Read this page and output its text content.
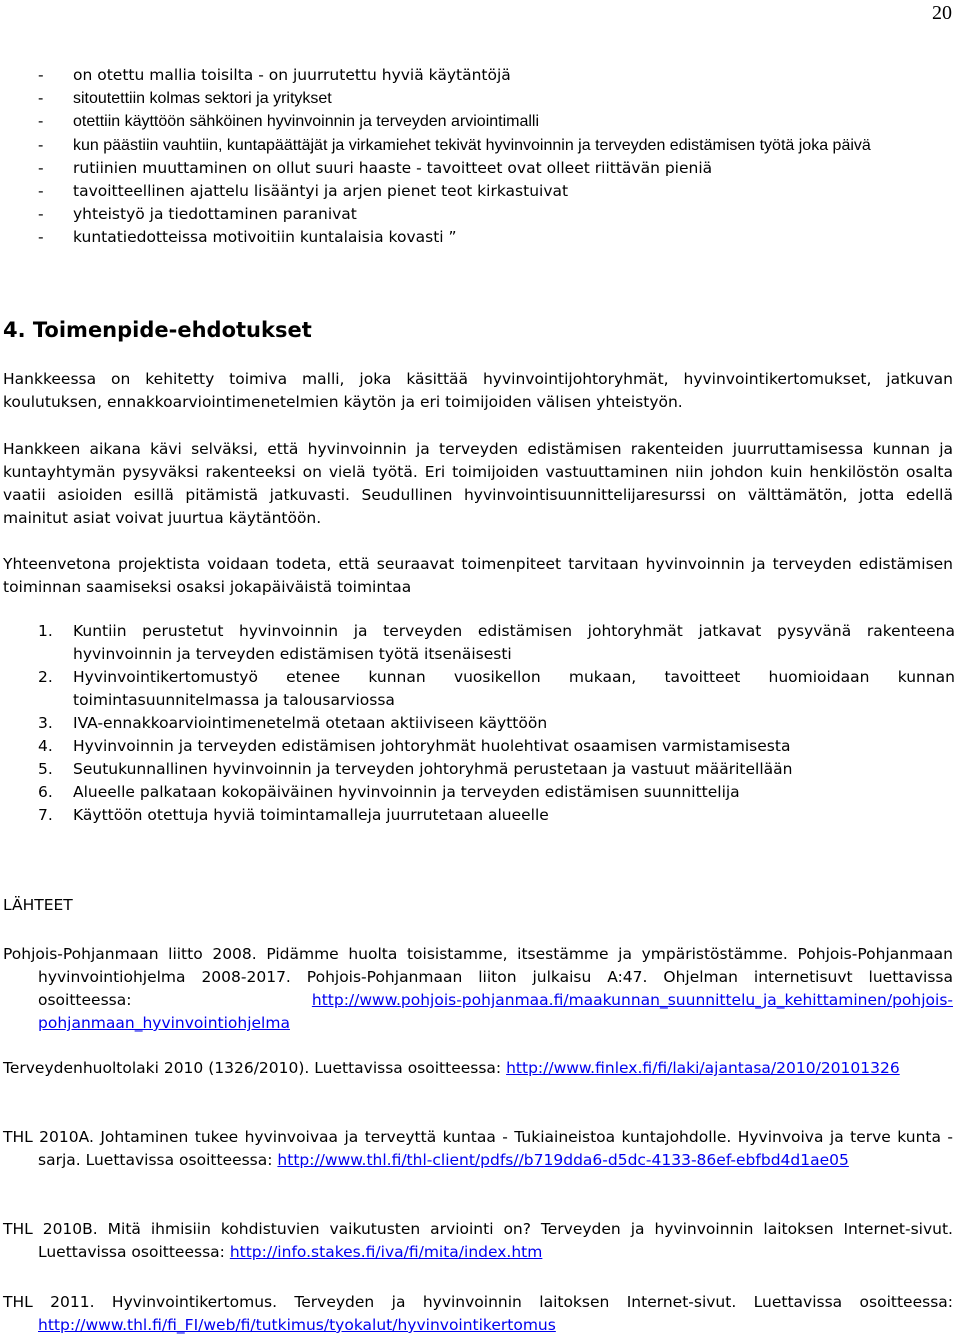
20
- on otettu mallia toisilta - on juurrutettu hyviä käytäntöjä
- sitoutettiin kolmas sektori ja yritykset
- otettiin käyttöön sähköinen hyvinvoinnin ja terveyden arviointimalli
- kun päästiin vauhtiin, kuntapäättäjät ja virkamiehet tekivät hyvinvoinnin ja terveyden edistämisen työtä joka päivä
- rutiinien muuttaminen on ollut suuri haaste - tavoitteet ovat olleet riittävän pieniä
- tavoitteellinen ajattelu lisääntyi ja arjen pienet teot kirkastuivat
- yhteistyö ja tiedottaminen paranivat
- kuntatiedotteissa motivoitiin kuntalaisia kovasti ”
4. Toimenpide-ehdotukset

Hankkeessa on kehitetty toimiva malli, joka käsittää hyvinvointijohtoryhmät, hyvinvointikertomukset, jatkuvan koulutuksen, ennakkoarviointimenetelmien käytön ja eri toimijoiden välisen yhteistyön.

Hankkeen aikana kävi selväksi, että hyvinvoinnin ja terveyden edistämisen rakenteiden juurruttamisessa kunnan ja kuntayhtymän pysyväksi rakenteeksi on vielä työtä. Eri toimijoiden vastuuttaminen niin johdon kuin henkilöstön osalta vaatii asioiden esillä pitämistä jatkuvasti. Seudullinen hyvinvointisuunnittelijaresurssi on välttämätön, jotta edellä mainitut asiat voivat juurtua käytäntöön.

Yhteenvetona projektista voidaan todeta, että seuraavat toimenpiteet tarvitaan hyvinvoinnin ja terveyden edistämisen toiminnan saamiseksi osaksi jokapäiväistä toimintaa

1. Kuntiin perustetut hyvinvoinnin ja terveyden edistämisen johtoryhmät jatkavat pysyvänä rakenteena hyvinvoinnin ja terveyden edistämisen työtä itsenäisesti
2. Hyvinvointikertomustyö etenee kunnan vuosikellon mukaan, tavoitteet huomioidaan kunnan toimintasuunnitelmassa ja talousarviossa
3. IVA-ennakkoarviointimenetelmä otetaan aktiiviseen käyttöön
4. Hyvinvoinnin ja terveyden edistämisen johtoryhmät huolehtivat osaamisen varmistamisesta
5. Seutukunnallinen hyvinvoinnin ja terveyden johtoryhmä perustetaan ja vastuut määritellään
6. Alueelle palkataan kokopäiväinen hyvinvoinnin ja terveyden edistämisen suunnittelija
7. Käyttöön otettuja hyviä toimintamalleja juurrutetaan alueelle
LÄHTEET

Pohjois-Pohjanmaan liitto 2008. Pidämme huolta toisistamme, itsestämme ja ympäristöstämme. Pohjois-Pohjanmaan hyvinvointiohjelma 2008-2017. Pohjois-Pohjanmaan liiton julkaisu A:47. Ohjelman internetisuvt luettavissa osoitteessa:	http://www.pohjois-pohjanmaa.fi/maakunnan_suunnittelu_ja_kehittaminen/pohjois-pohjanmaan_hyvinvointiohjelma

Terveydenhuoltolaki 2010 (1326/2010). Luettavissa osoitteessa: http://www.finlex.fi/fi/laki/ajantasa/2010/20101326

THL 2010A. Johtaminen tukee hyvinvoivaa ja terveyttä kuntaa - Tukiaineistoa kuntajohdolle. Hyvinvoiva ja terve kunta -sarja. Luettavissa osoitteessa: http://www.thl.fi/thl-client/pdfs//b719dda6-d5dc-4133-86ef-ebfbd4d1ae05

THL 2010B. Mitä ihmisiin kohdistuvien vaikutusten arviointi on? Terveyden ja hyvinvoinnin laitoksen Internet-sivut. Luettavissa osoitteessa: http://info.stakes.fi/iva/fi/mita/index.htm

THL 2011. Hyvinvointikertomus. Terveyden ja hyvinvoinnin laitoksen Internet-sivut. Luettavissa osoitteessa: http://www.thl.fi/fi_FI/web/fi/tutkimus/tyokalut/hyvinvointikertomus
